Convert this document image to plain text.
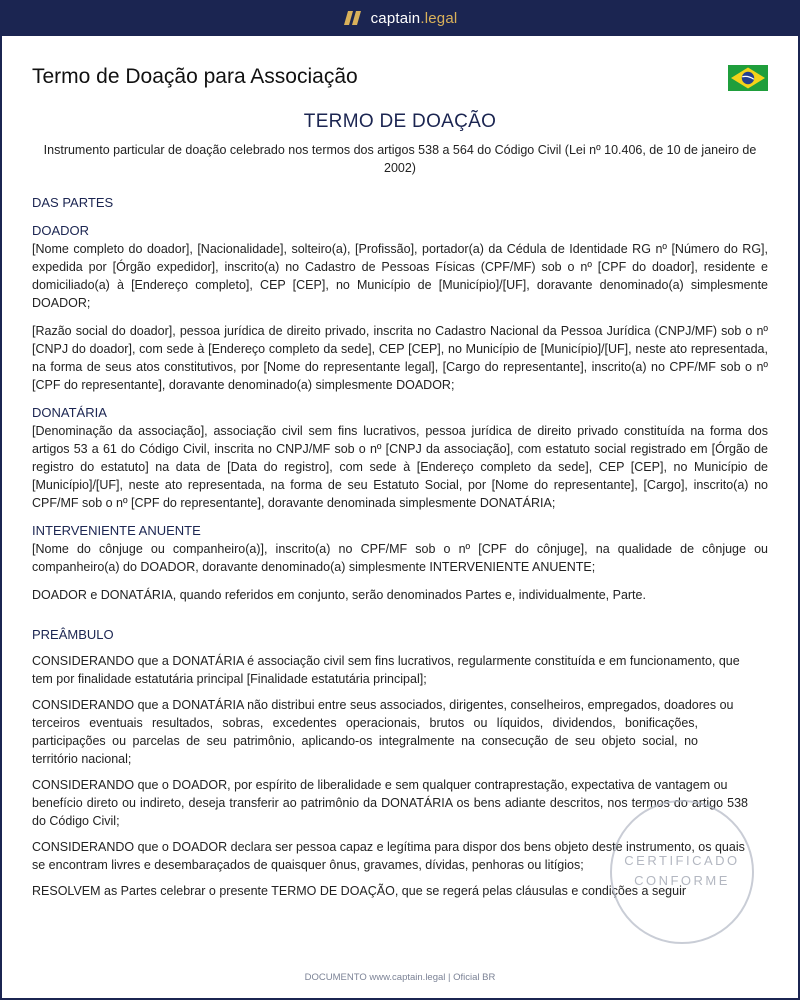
captain.legal
Termo de Doação para Associação
TERMO DE DOAÇÃO
Instrumento particular de doação celebrado nos termos dos artigos 538 a 564 do Código Civil (Lei nº 10.406, de 10 de janeiro de 2002)
DAS PARTES
DOADOR

[Nome completo do doador], [Nacionalidade], solteiro(a), [Profissão], portador(a) da Cédula de Identidade RG nº [Número do RG], expedida por [Órgão expedidor], inscrito(a) no Cadastro de Pessoas Físicas (CPF/MF) sob o nº [CPF do doador], residente e domiciliado(a) à [Endereço completo], CEP [CEP], no Município de [Município]/[UF], doravante denominado(a) simplesmente DOADOR;

[Razão social do doador], pessoa jurídica de direito privado, inscrita no Cadastro Nacional da Pessoa Jurídica (CNPJ/MF) sob o nº [CNPJ do doador], com sede à [Endereço completo da sede], CEP [CEP], no Município de [Município]/[UF], neste ato representada, na forma de seus atos constitutivos, por [Nome do representante legal], [Cargo do representante], inscrito(a) no CPF/MF sob o nº [CPF do representante], doravante denominado(a) simplesmente DOADOR;

DONATÁRIA

[Denominação da associação], associação civil sem fins lucrativos, pessoa jurídica de direito privado constituída na forma dos artigos 53 a 61 do Código Civil, inscrita no CNPJ/MF sob o nº [CNPJ da associação], com estatuto social registrado em [Órgão de registro do estatuto] na data de [Data do registro], com sede à [Endereço completo da sede], CEP [CEP], no Município de [Município]/[UF], neste ato representada, na forma de seu Estatuto Social, por [Nome do representante], [Cargo], inscrito(a) no CPF/MF sob o nº [CPF do representante], doravante denominada simplesmente DONATÁRIA;

INTERVENIENTE ANUENTE

[Nome do cônjuge ou companheiro(a)], inscrito(a) no CPF/MF sob o nº [CPF do cônjuge], na qualidade de cônjuge ou companheiro(a) do DOADOR, doravante denominado(a) simplesmente INTERVENIENTE ANUENTE;

DOADOR e DONATÁRIA, quando referidos em conjunto, serão denominados Partes e, individualmente, Parte.

PREÂMBULO

CONSIDERANDO que a DONATÁRIA é associação civil sem fins lucrativos, regularmente constituída e em funcionamento, que

tem por finalidade estatutária principal [Finalidade estatutária principal];

CONSIDERANDO que a DONATÁRIA não distribui entre seus associados, dirigentes, conselheiros, empregados, doadores ou

terceiros eventuais resultados, sobras, excedentes operacionais, brutos ou líquidos, dividendos, bonificações, participações ou parcelas de seu patrimônio, aplicando-os integralmente na consecução de seu objeto social, no território nacional;

CONSIDERANDO que o DOADOR, por espírito de liberalidade e sem qualquer contraprestação, expectativa de vantagem ou

benefício direto ou indireto, deseja transferir ao patrimônio da DONATÁRIA os bens adiante descritos, nos termos do artigo 538 do Código Civil;

CONSIDERANDO que o DOADOR declara ser pessoa capaz e legítima para dispor dos bens objeto deste instrumento, os quais

se encontram livres e desembaraçados de quaisquer ônus, gravames, dívidas, penhoras ou litígios;

RESOLVEM as Partes celebrar o presente TERMO DE DOAÇÃO, que se regerá pelas cláusulas e condições a seguir

CERTIFICADO
CONFORME
DOCUMENTO www.captain.legal | Oficial BR
